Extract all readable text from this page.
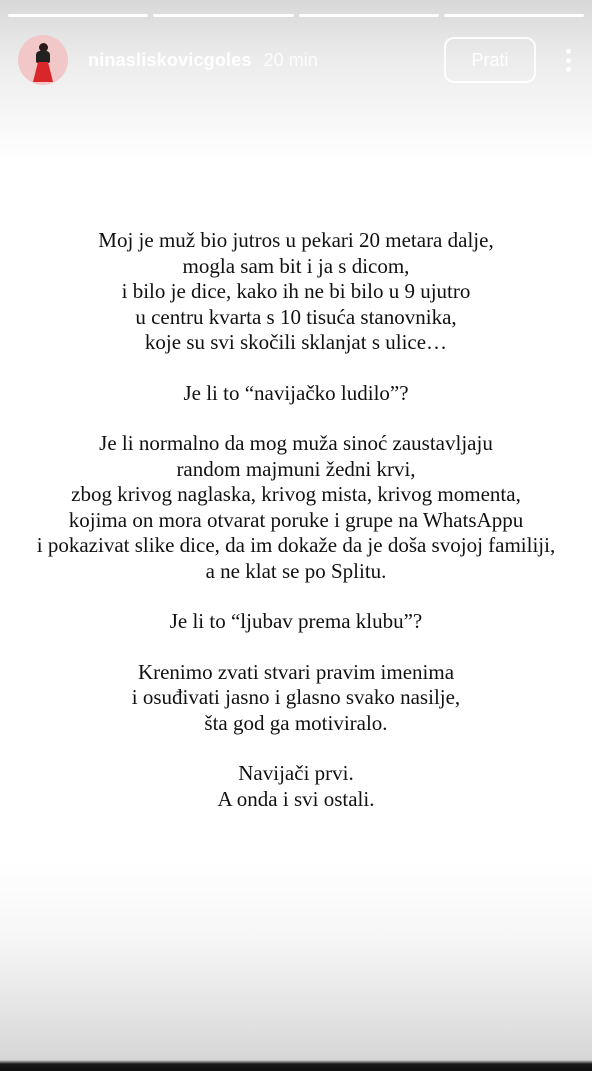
ninasliskovicgoles 20 min	Prati

Moj je muž bio jutros u pekari 20 metara dalje,
mogla sam bit i ja s dicom,
i bilo je dice, kako ih ne bi bilo u 9 ujutro
u centru kvarta s 10 tisuća stanovnika,
koje su svi skočili sklanjat s ulice…

Je li to “navijačko ludilo”?

Je li normalno da mog muža sinoć zaustavljaju
random majmuni žedni krvi,
zbog krivog naglaska, krivog mista, krivog momenta,
kojima on mora otvarat poruke i grupe na WhatsAppu
i pokazivat slike dice, da im dokaže da je doša svojoj familiji,
a ne klat se po Splitu.

Je li to “ljubav prema klubu”?

Krenimo zvati stvari pravim imenima
i osuđivati jasno i glasno svako nasilje,
šta god ga motiviralo.

Navijači prvi.
A onda i svi ostali.
